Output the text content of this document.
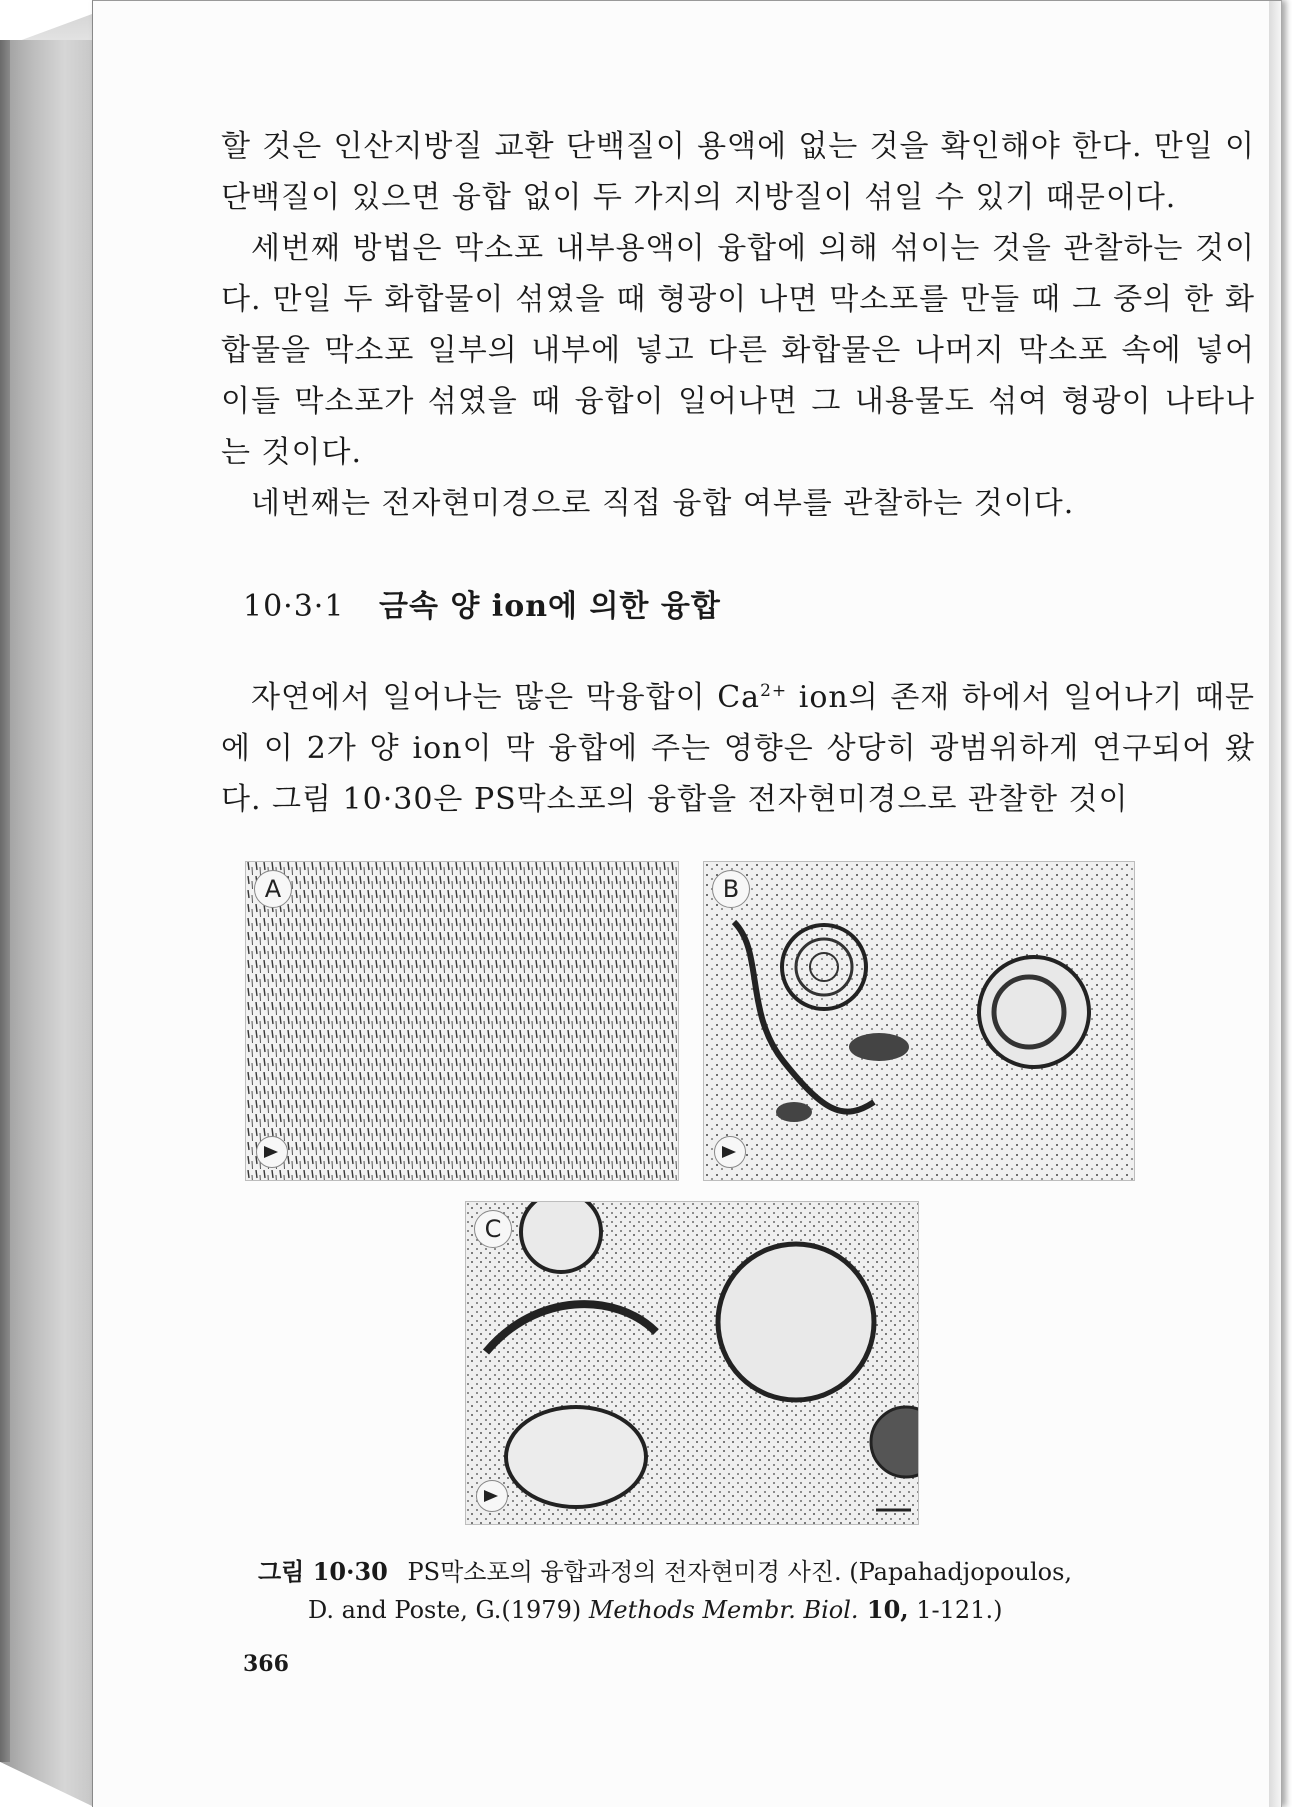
할 것은 인산지방질 교환 단백질이 용액에 없는 것을 확인해야 한다. 만일 이 단백질이 있으면 융합 없이 두 가지의 지방질이 섞일 수 있기 때문이다.

세번째 방법은 막소포 내부용액이 융합에 의해 섞이는 것을 관찰하는 것이다. 만일 두 화합물이 섞였을 때 형광이 나면 막소포를 만들 때 그 중의 한 화합물을 막소포 일부의 내부에 넣고 다른 화합물은 나머지 막소포 속에 넣어 이들 막소포가 섞였을 때 융합이 일어나면 그 내용물도 섞여 형광이 나타나는 것이다.

네번째는 전자현미경으로 직접 융합 여부를 관찰하는 것이다.

10·3·1 금속 양 ion에 의한 융합

자연에서 일어나는 많은 막융합이 $Ca^{2+}$ ion의 존재 하에서 일어나기 때문에 이 2가 양 ion이 막 융합에 주는 영향은 상당히 광범위하게 연구되어 왔다. 그림 10·30은 PS막소포의 융합을 전자현미경으로 관찰한 것이

A	B
C
그림 10·30 PS막소포의 융합과정의 전자현미경 사진. (Papahadjopoulos,
D. and Poste, G.(1979) Methods Membr. Biol. 10, 1-121.)
366
